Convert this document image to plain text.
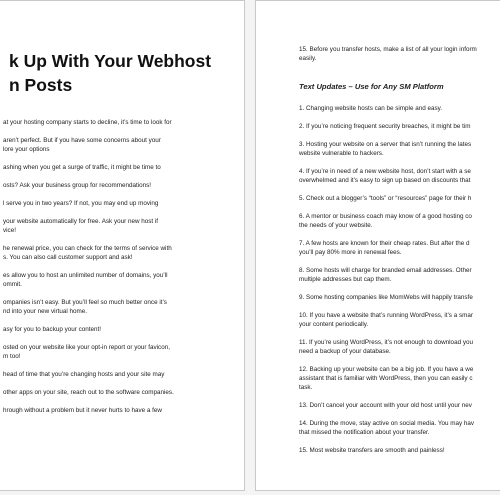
k Up With Your Webhost
n Posts

at your hosting company starts to decline, it’s time to look for

aren’t perfect. But if you have some concerns about your
lore your options

ashing when you get a surge of traffic, it might be time to

osts? Ask your business group for recommendations!

l serve you in two years? If not, you may end up moving

your website automatically for free. Ask your new host if
vice!

he renewal price, you can check for the terms of service with
s. You can also call customer support and ask!

es allow you to host an unlimited number of domains, you’ll
ommit.

ompanies isn’t easy. But you’ll feel so much better once it’s
nd into your new virtual home.

asy for you to backup your content!

osted on your website like your opt-in report or your favicon,
m too!

head of time that you’re changing hosts and your site may

other apps on your site, reach out to the software companies.

hrough without a problem but it never hurts to have a few

15. Before you transfer hosts, make a list of all your login inform
easily.

Text Updates – Use for Any SM Platform

1. Changing website hosts can be simple and easy.

2. If you’re noticing frequent security breaches, it might be tim

3. Hosting your website on a server that isn’t running the lates
website vulnerable to hackers.

4. If you’re in need of a new website host, don’t start with a se
overwhelmed and it’s easy to sign up based on discounts that

5. Check out a blogger’s “tools” or “resources” page for their h

6. A mentor or business coach may know of a good hosting co
the needs of your website.

7. A few hosts are known for their cheap rates. But after the d
you’ll pay 80% more in renewal fees.

8. Some hosts will charge for branded email addresses. Other
multiple addresses but cap them.

9. Some hosting companies like MomWebs will happily transfe

10. If you have a website that’s running WordPress, it’s a smar
your content periodically.

11. If you’re using WordPress, it’s not enough to download you
need a backup of your database.

12. Backing up your website can be a big job. If you have a we
assistant that is familiar with WordPress, then you can easily c
task.

13. Don’t cancel your account with your old host until your nev

14. During the move, stay active on social media. You may hav
that missed the notification about your transfer.

15. Most website transfers are smooth and painless!
